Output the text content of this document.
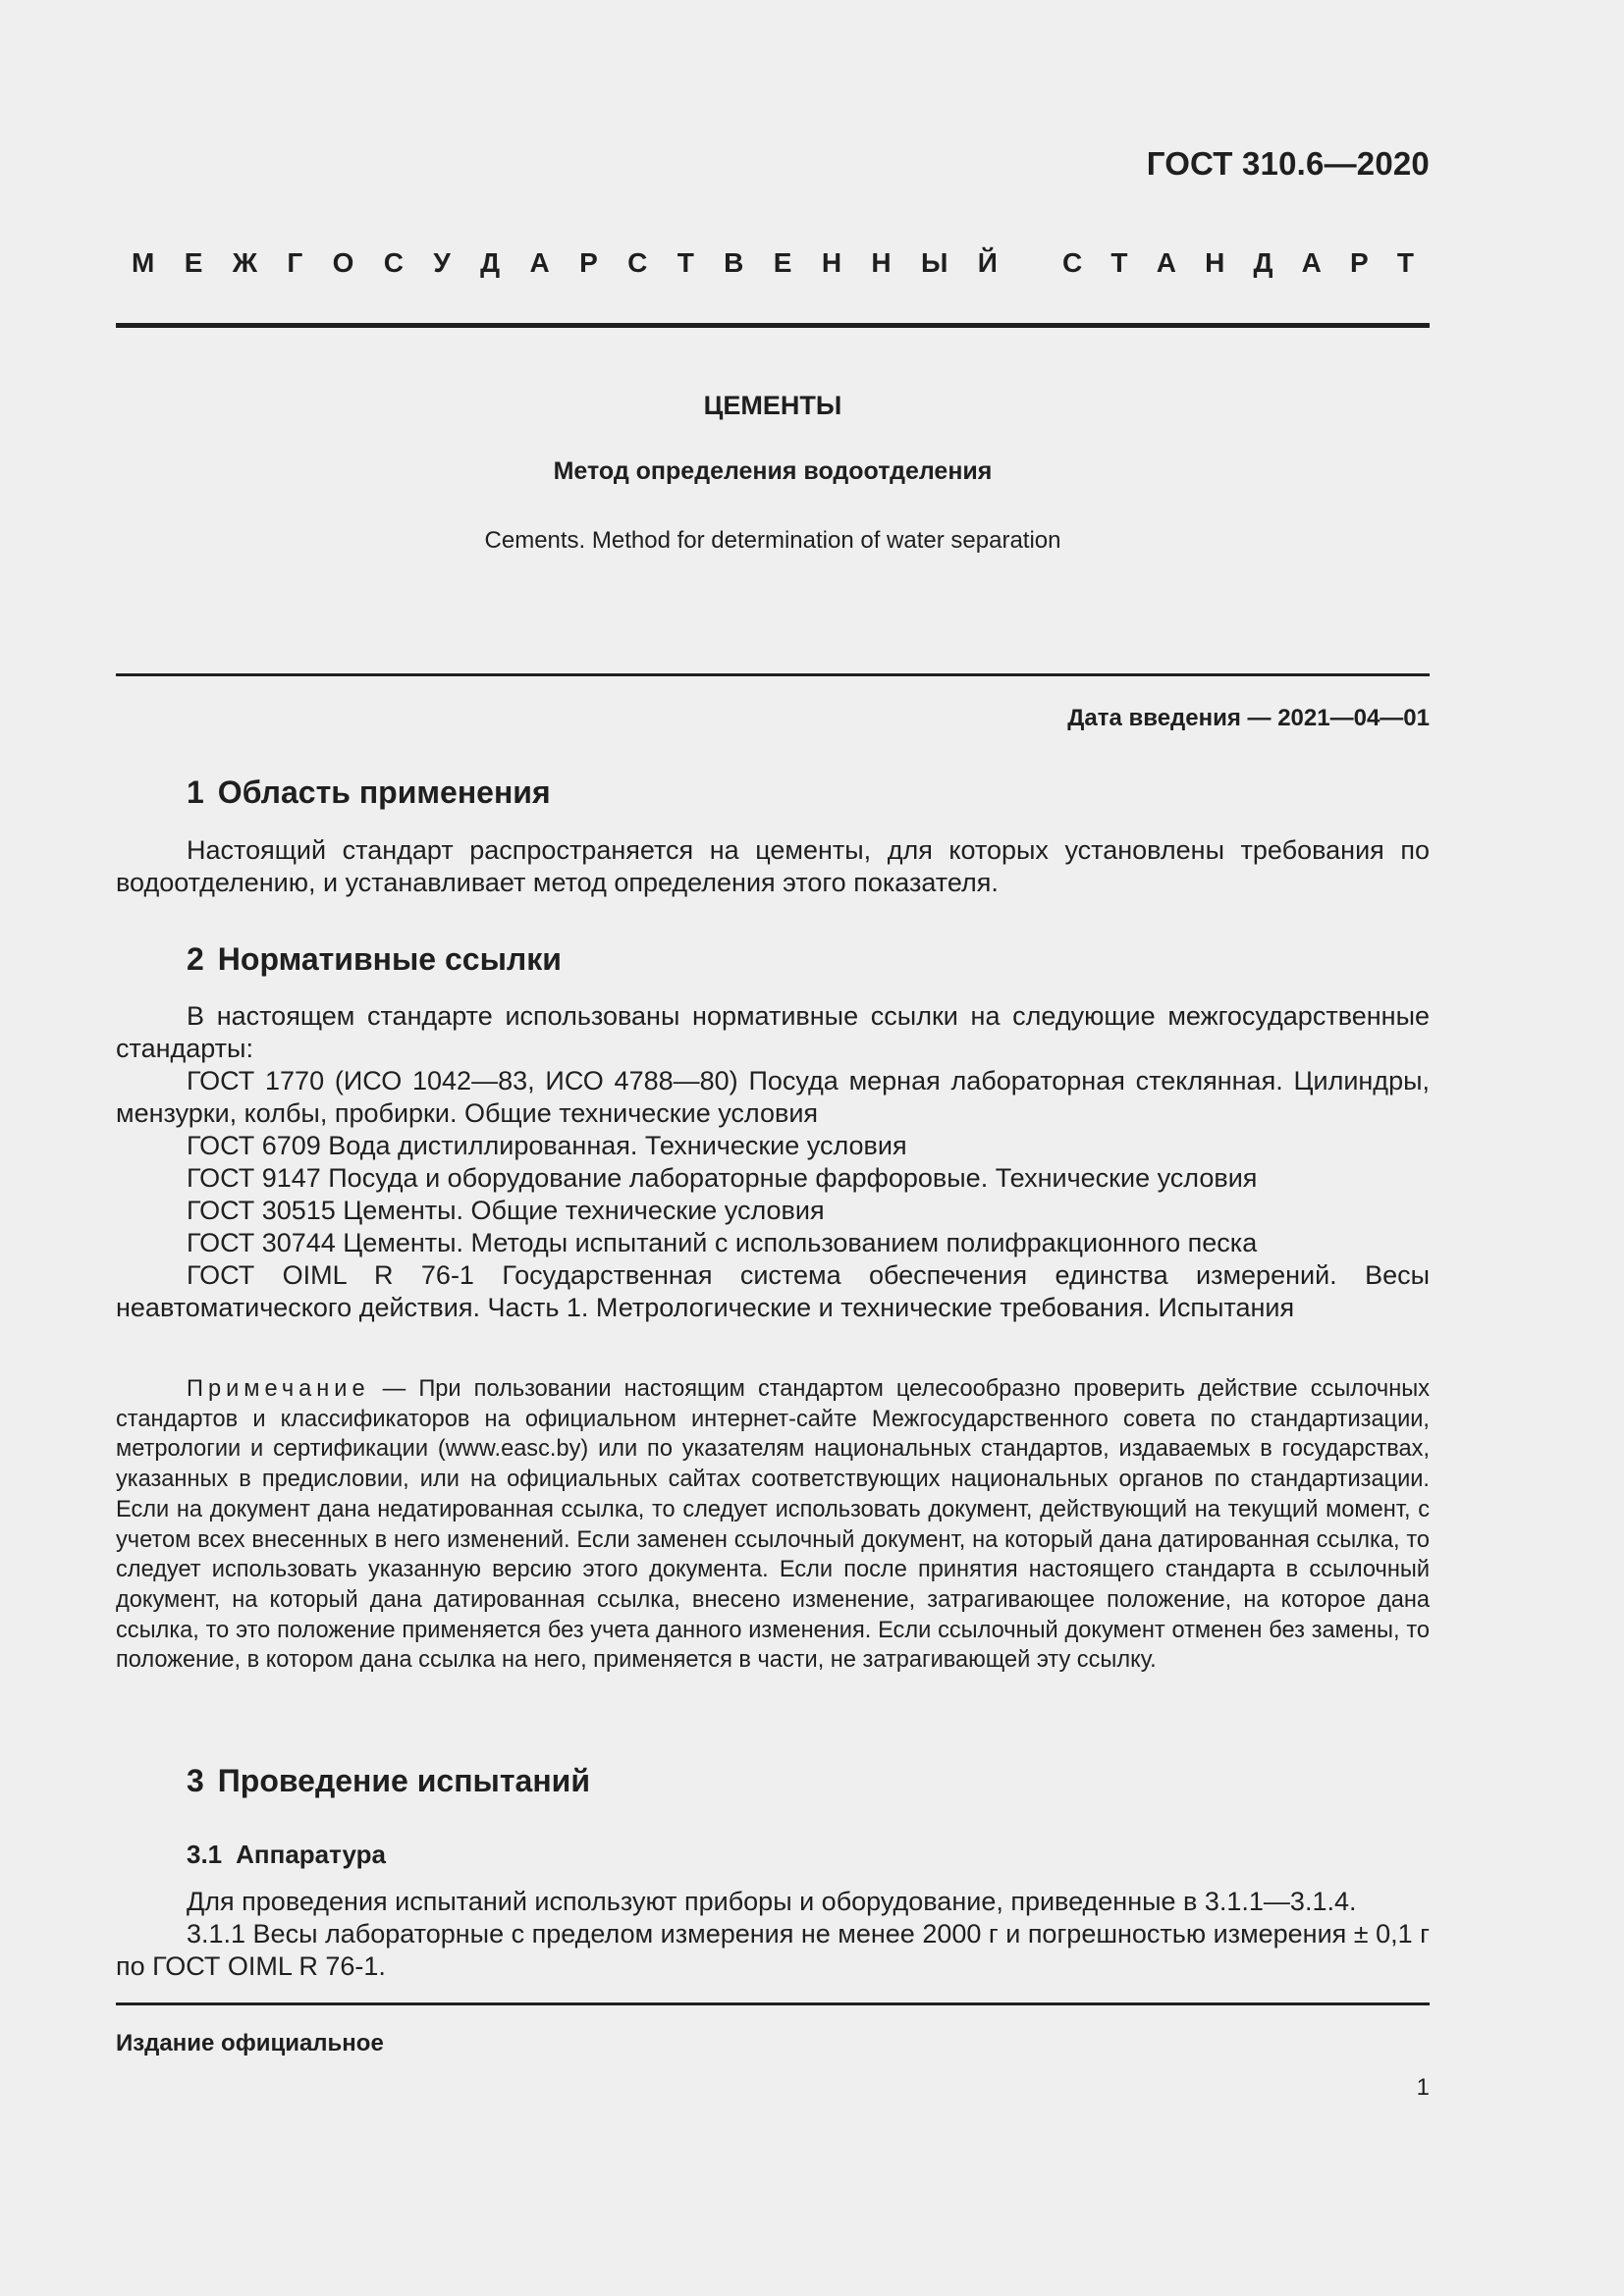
ГОСТ 310.6—2020
М Е Ж Г О С У Д А Р С Т В Е Н Н Ы Й С Т А Н Д А Р Т
ЦЕМЕНТЫ
Метод определения водоотделения
Cements. Method for determination of water separation
Дата введения — 2021—04—01
1 Область применения
Настоящий стандарт распространяется на цементы, для которых установлены требования по водоотделению, и устанавливает метод определения этого показателя.
2 Нормативные ссылки
В настоящем стандарте использованы нормативные ссылки на следующие межгосударственные стандарты:
ГОСТ 1770 (ИСО 1042—83, ИСО 4788—80) Посуда мерная лабораторная стеклянная. Цилиндры, мензурки, колбы, пробирки. Общие технические условия
ГОСТ 6709 Вода дистиллированная. Технические условия
ГОСТ 9147 Посуда и оборудование лабораторные фарфоровые. Технические условия
ГОСТ 30515 Цементы. Общие технические условия
ГОСТ 30744 Цементы. Методы испытаний с использованием полифракционного песка
ГОСТ OIML R 76-1 Государственная система обеспечения единства измерений. Весы неавтоматического действия. Часть 1. Метрологические и технические требования. Испытания
Примечание — При пользовании настоящим стандартом целесообразно проверить действие ссылочных стандартов и классификаторов на официальном интернет-сайте Межгосударственного совета по стандартизации, метрологии и сертификации (www.easc.by) или по указателям национальных стандартов, издаваемых в государствах, указанных в предисловии, или на официальных сайтах соответствующих национальных органов по стандартизации. Если на документ дана недатированная ссылка, то следует использовать документ, действующий на текущий момент, с учетом всех внесенных в него изменений. Если заменен ссылочный документ, на который дана датированная ссылка, то следует использовать указанную версию этого документа. Если после принятия настоящего стандарта в ссылочный документ, на который дана датированная ссылка, внесено изменение, затрагивающее положение, на которое дана ссылка, то это положение применяется без учета данного изменения. Если ссылочный документ отменен без замены, то положение, в котором дана ссылка на него, применяется в части, не затрагивающей эту ссылку.
3 Проведение испытаний
3.1 Аппаратура
Для проведения испытаний используют приборы и оборудование, приведенные в 3.1.1—3.1.4.
3.1.1 Весы лабораторные с пределом измерения не менее 2000 г и погрешностью измерения ± 0,1 г по ГОСТ OIML R 76-1.
Издание официальное
1
